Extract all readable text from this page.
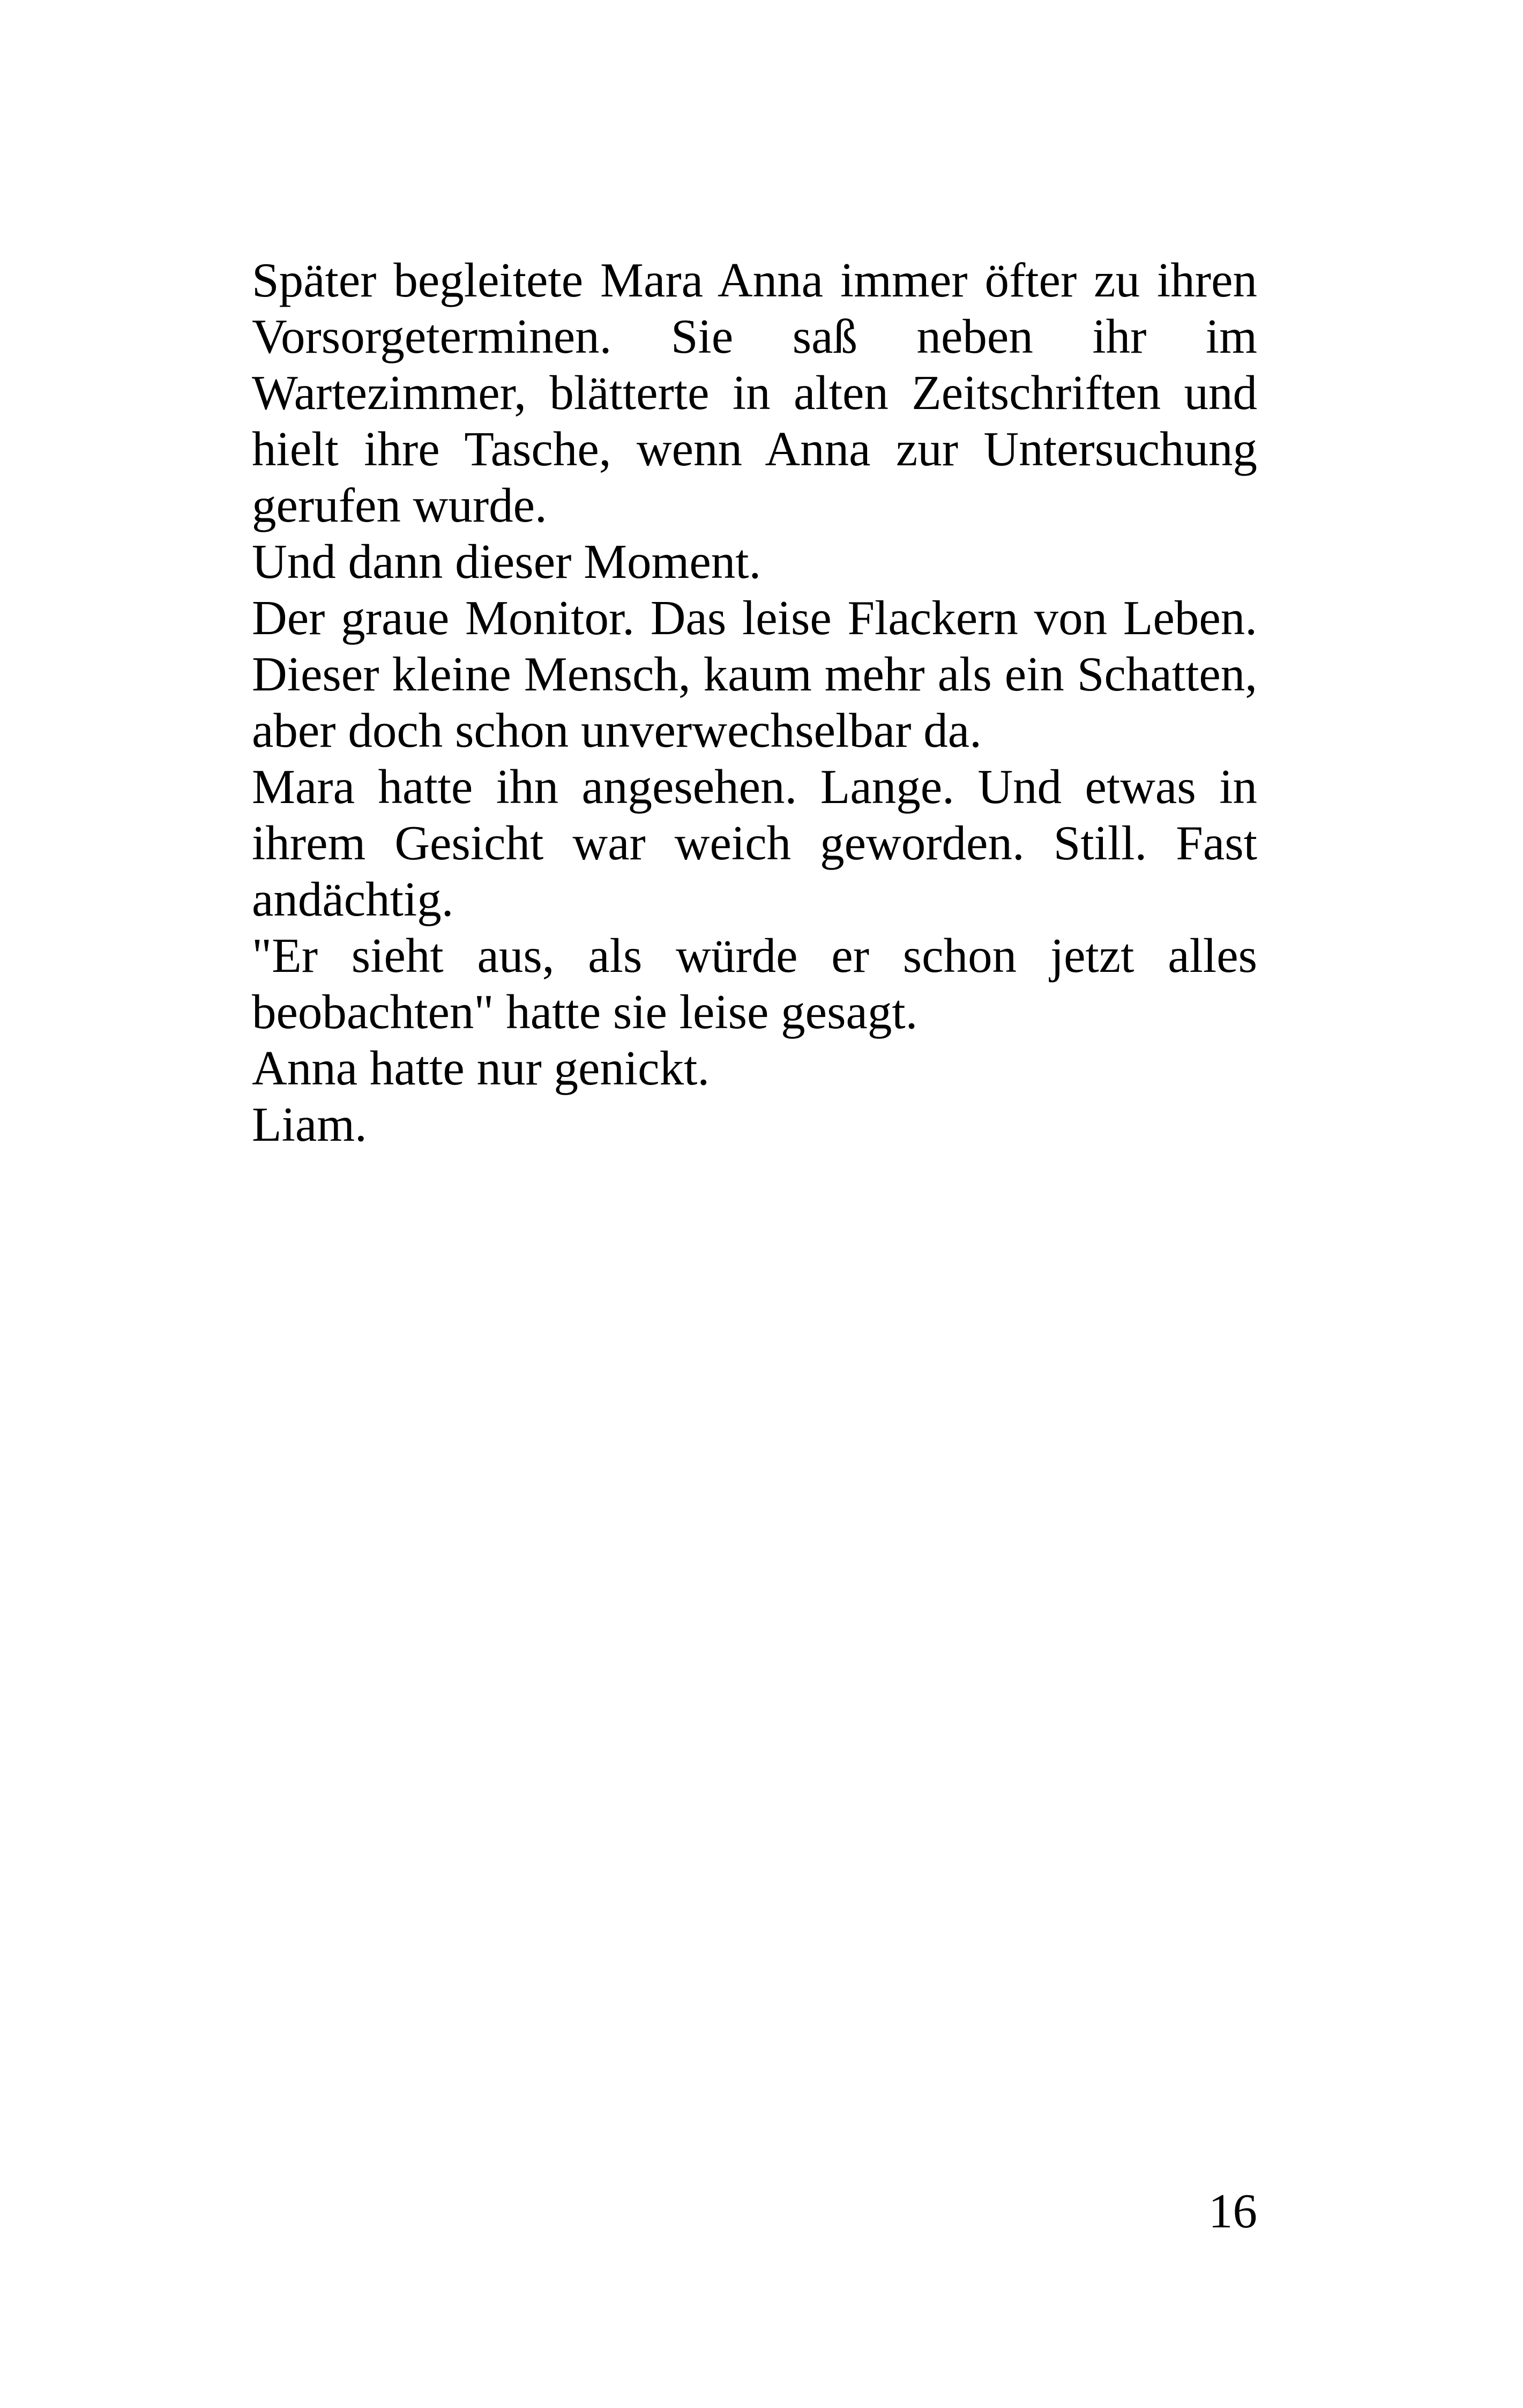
Später begleitete Mara Anna immer öfter zu ihren Vorsorgeterminen. Sie saß neben ihr im Wartezimmer, blätterte in alten Zeitschriften und hielt ihre Tasche, wenn Anna zur Untersuchung gerufen wurde.

Und dann dieser Moment.

Der graue Monitor. Das leise Flackern von Leben. Dieser kleine Mensch, kaum mehr als ein Schatten, aber doch schon unverwechselbar da.

Mara hatte ihn angesehen. Lange. Und etwas in ihrem Gesicht war weich geworden. Still. Fast andächtig.

"Er sieht aus, als würde er schon jetzt alles beobachten" hatte sie leise gesagt.

Anna hatte nur genickt.

Liam.

16
